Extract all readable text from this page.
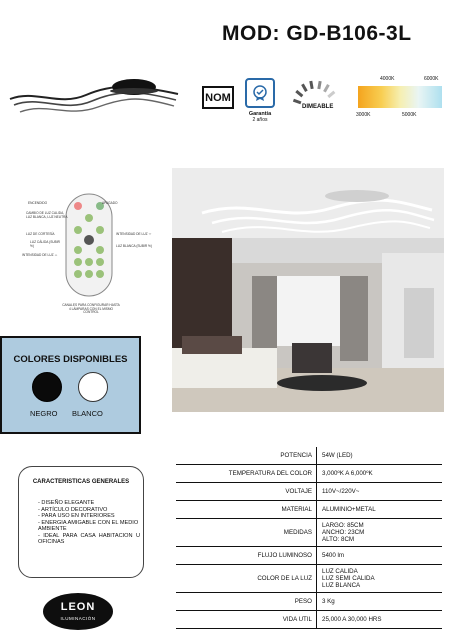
MOD: GD-B106-3L
NOM
Garantía
2 años
DIMEABLE
4000K	6000K
3000K	5000K
ENCENDIDO	APAGADO
CAMBIO DE LUZ CALIDA, LUZ BLANCA, LUZ NEUTRA
LUZ DE CORTESÍA
LUZ CÁLIDA (SUBIR %)
INTENSIDAD DE LUZ ↑↑
LUZ BLANCA (SUBIR %)
INTENSIDAD DE LUZ ↓↓
CANALES PARA CONFIGURAR HASTA 4 LÁMPARAS CON EL MISMO CONTROL
COLORES DISPONIBLES
NEGRO BLANCO
CARACTERISTICAS GENERALES
- DISEÑO ELEGANTE
- ARTÍCULO DECORATIVO
- PARA USO EN INTERIORES
- ENERGIA AMIGABLE CON EL MEDIO AMBIENTE
- IDEAL PARA CASA HABITACION U OFICINAS
LEON
ILUMINACIÓN
POTENCIA	54W (LED)
TEMPERATURA DEL COLOR	3,000ºK A 6,000ºK
VOLTAJE	110V~/220V~
MATERIAL	ALUMINIO+METAL
MEDIDAS	LARGO: 85CM
ANCHO: 23CM
ALTO: 8CM

FLUJO LUMINOSO	5400 lm
COLOR DE LA LUZ	LUZ CALIDA
LUZ SEMI CALIDA
LUZ BLANCA

PESO	3 Kg
VIDA UTIL	25,000 A 30,000 HRS
